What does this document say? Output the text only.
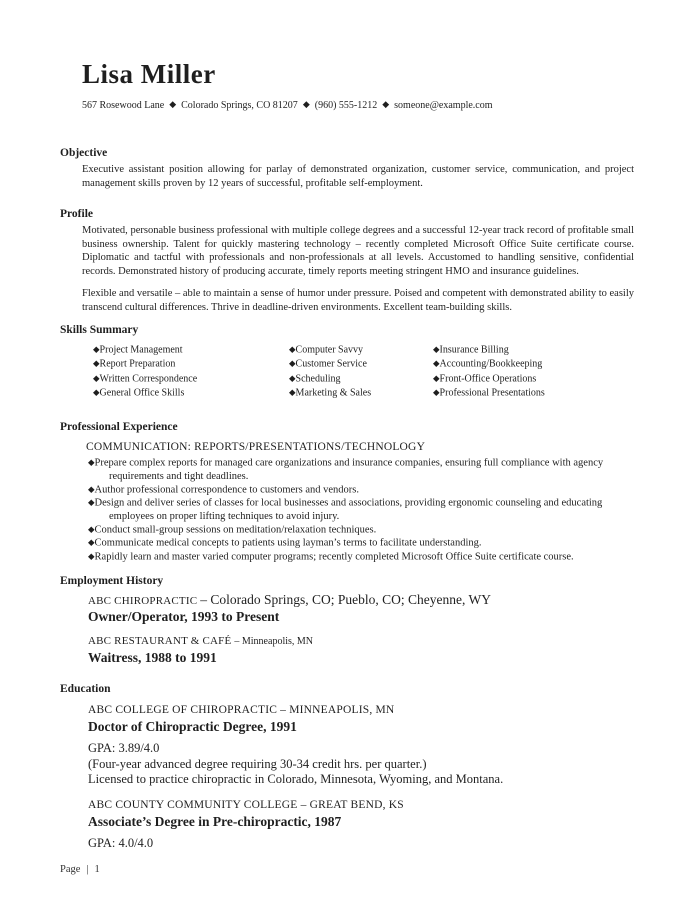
Lisa Miller
567 Rosewood Lane ◆ Colorado Springs, CO 81207 ◆ (960) 555-1212 ◆ someone@example.com
Objective
Executive assistant position allowing for parlay of demonstrated organization, customer service, communication, and project management skills proven by 12 years of successful, profitable self-employment.
Profile
Motivated, personable business professional with multiple college degrees and a successful 12-year track record of profitable small business ownership. Talent for quickly mastering technology – recently completed Microsoft Office Suite certificate course. Diplomatic and tactful with professionals and non-professionals at all levels. Accustomed to handling sensitive, confidential records. Demonstrated history of producing accurate, timely reports meeting stringent HMO and insurance guidelines.
Flexible and versatile – able to maintain a sense of humor under pressure. Poised and competent with demonstrated ability to easily transcend cultural differences. Thrive in deadline-driven environments. Excellent team-building skills.
Skills Summary
◆Project Management
◆Report Preparation
◆Written Correspondence
◆General Office Skills
◆Computer Savvy
◆Customer Service
◆Scheduling
◆Marketing & Sales
◆Insurance Billing
◆Accounting/Bookkeeping
◆Front-Office Operations
◆Professional Presentations
Professional Experience
COMMUNICATION: REPORTS/PRESENTATIONS/TECHNOLOGY
◆Prepare complex reports for managed care organizations and insurance companies, ensuring full compliance with agency requirements and tight deadlines.
◆Author professional correspondence to customers and vendors.
◆Design and deliver series of classes for local businesses and associations, providing ergonomic counseling and educating employees on proper lifting techniques to avoid injury.
◆Conduct small-group sessions on meditation/relaxation techniques.
◆Communicate medical concepts to patients using layman’s terms to facilitate understanding.
◆Rapidly learn and master varied computer programs; recently completed Microsoft Office Suite certificate course.
Employment History
ABC CHIROPRACTIC – Colorado Springs, CO; Pueblo, CO; Cheyenne, WY
Owner/Operator, 1993 to Present
ABC RESTAURANT & CAFÉ – Minneapolis, MN
Waitress, 1988 to 1991
Education
ABC COLLEGE OF CHIROPRACTIC – MINNEAPOLIS, MN
Doctor of Chiropractic Degree, 1991
GPA: 3.89/4.0
(Four-year advanced degree requiring 30-34 credit hrs. per quarter.)
Licensed to practice chiropractic in Colorado, Minnesota, Wyoming, and Montana.
ABC COUNTY COMMUNITY COLLEGE – GREAT BEND, KS
Associate’s Degree in Pre-chiropractic, 1987
GPA: 4.0/4.0
Page | 1
